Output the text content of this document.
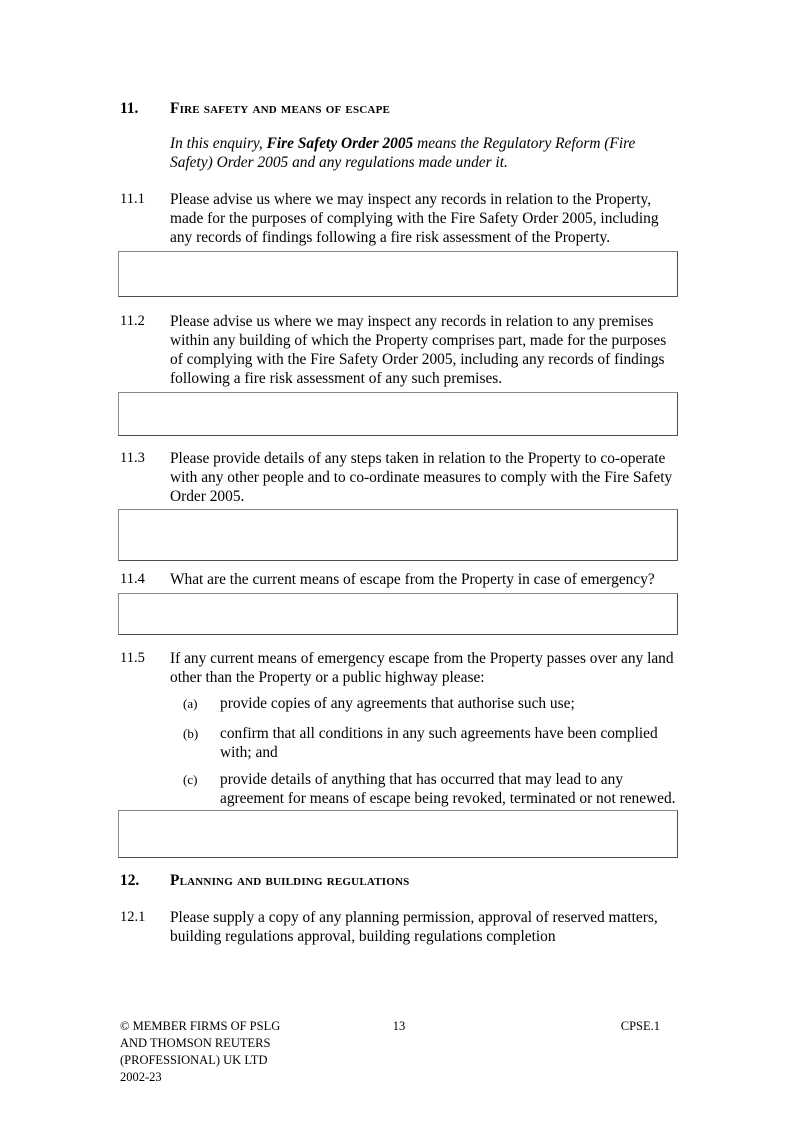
11.	Fire safety and means of escape

In this enquiry, Fire Safety Order 2005 means the Regulatory Reform (Fire Safety) Order 2005 and any regulations made under it.

11.1	Please advise us where we may inspect any records in relation to the Property, made for the purposes of complying with the Fire Safety Order 2005, including any records of findings following a fire risk assessment of the Property.
11.2	Please advise us where we may inspect any records in relation to any premises within any building of which the Property comprises part, made for the purposes of complying with the Fire Safety Order 2005, including any records of findings following a fire risk assessment of any such premises.
11.3	Please provide details of any steps taken in relation to the Property to co-operate with any other people and to co-ordinate measures to comply with the Fire Safety Order 2005.
11.4	What are the current means of escape from the Property in case of emergency?
11.5	If any current means of emergency escape from the Property passes over any land other than the Property or a public highway please:
(a)	provide copies of any agreements that authorise such use;
(b)	confirm that all conditions in any such agreements have been complied with; and
(c)	provide details of anything that has occurred that may lead to any agreement for means of escape being revoked, terminated or not renewed.
12.	Planning and building regulations
12.1	Please supply a copy of any planning permission, approval of reserved matters, building regulations approval, building regulations completion
© MEMBER FIRMS OF PSLG
AND THOMSON REUTERS
(PROFESSIONAL) UK LTD
2002-23
13	CPSE.1
